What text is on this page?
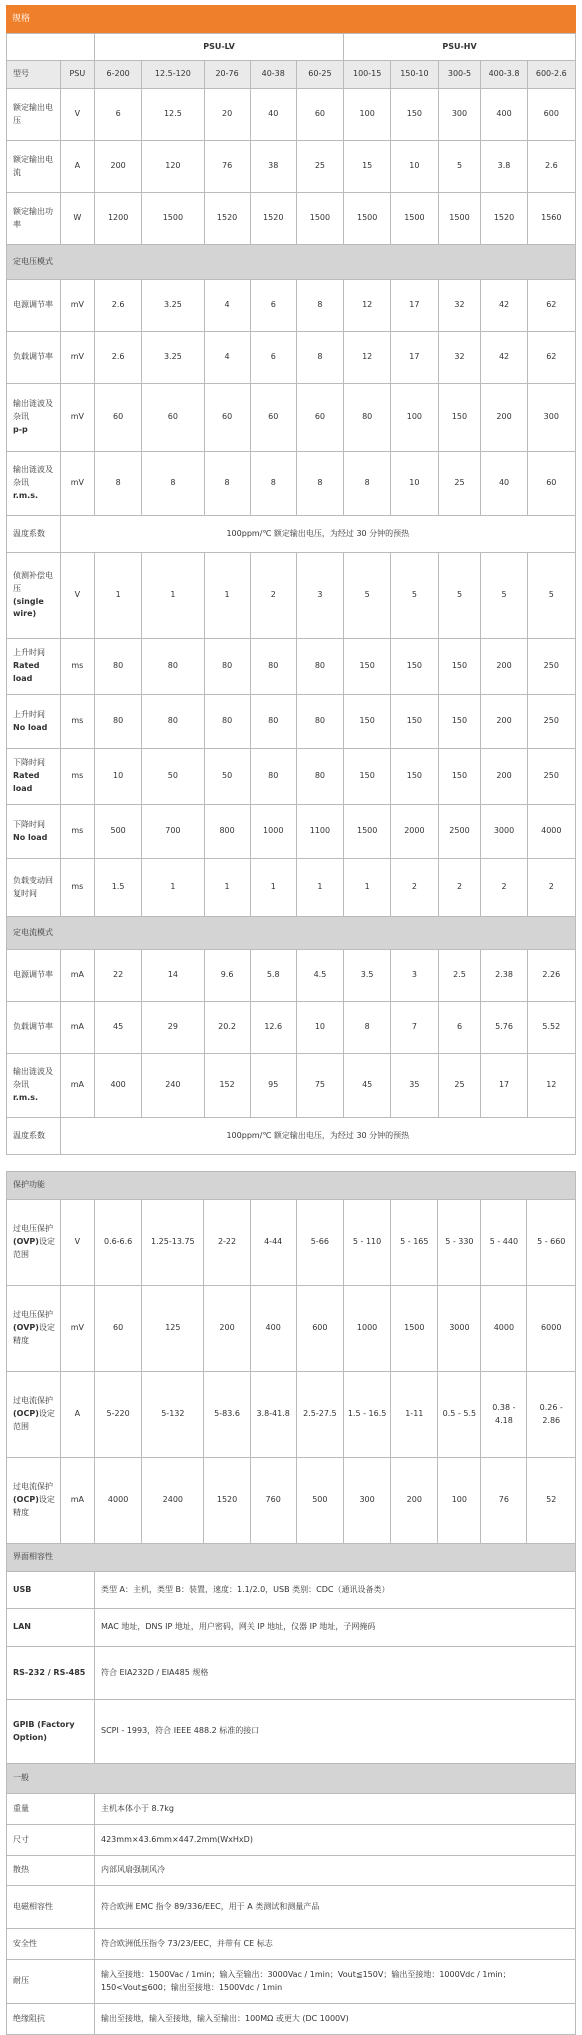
规格
		PSU-LV					PSU-HV				
型号	PSU	6-200	12.5-120	20-76	40-38	60-25	100-15	150-10	300-5	400-3.8	600-2.6
额定输出电压	V	6	12.5	20	40	60	100	150	300	400	600
额定输出电流	A	200	120	76	38	25	15	10	5	3.8	2.6
额定输出功率	W	1200	1500	1520	1520	1500	1500	1500	1500	1520	1560
定电压模式											
电源调节率	mV	2.6	3.25	4	6	8	12	17	32	42	62
负载调节率	mV	2.6	3.25	4	6	8	12	17	32	42	62
输出涟波及杂讯
p-p	mV	60	60	60	60	60	80	100	150	200	300
输出涟波及杂讯
r.m.s.	mV	8	8	8	8	8	8	10	25	40	60
温度系数	100ppm/℃ 额定输出电压，为经过 30 分钟的预热										
侦测补偿电压
(single wire)	V	1	1	1	2	3	5	5	5	5	5
上升时间
Rated load	ms	80	80	80	80	80	150	150	150	200	250
上升时间
No load	ms	80	80	80	80	80	150	150	150	200	250
下降时间
Rated load	ms	10	50	50	80	80	150	150	150	200	250
下降时间
No load	ms	500	700	800	1000	1100	1500	2000	2500	3000	4000
负载变动回复时间	ms	1.5	1	1	1	1	1	2	2	2	2
定电流模式											
电源调节率	mA	22	14	9.6	5.8	4.5	3.5	3	2.5	2.38	2.26
负载调节率	mA	45	29	20.2	12.6	10	8	7	6	5.76	5.52
输出涟波及杂讯
r.m.s.	mA	400	240	152	95	75	45	35	25	17	12
温度系数	100ppm/℃ 额定输出电压，为经过 30 分钟的预热										
保护功能											
过电压保护
(OVP)设定范围	V	0.6-6.6	1.25-13.75	2-22	4-44	5-66	5 - 110	5 - 165	5 - 330	5 - 440	5 - 660
过电压保护
(OVP)设定精度	mV	60	125	200	400	600	1000	1500	3000	4000	6000
过电流保护
(OCP)设定范围	A	5-220	5-132	5-83.6	3.8-41.8	2.5-27.5	1.5 - 16.5	1-11	0.5 - 5.5	0.38 - 4.18	0.26 - 2.86
过电流保护
(OCP)设定精度	mA	4000	2400	1520	760	500	300	200	100	76	52
界面相容性											
USB		类型 A：主机，类型 B：装置，速度：1.1/2.0，USB 类别：CDC（通讯设备类）									
LAN		MAC 地址，DNS IP 地址，用户密码，网关 IP 地址，仪器 IP 地址，子网掩码									
RS-232 / RS-485		符合 EIA232D / EIA485 规格									
GPIB (Factory Option)		SCPI - 1993，符合 IEEE 488.2 标准的接口									
一般											
重量		主机本体小于 8.7kg									
尺寸		423mm×43.6mm×447.2mm(WxHxD)									
散热		内部风扇强制风冷									
电磁相容性		符合欧洲 EMC 指令 89/336/EEC，用于 A 类测试和测量产品									
安全性		符合欧洲低压指令 73/23/EEC，并带有 CE 标志									
耐压		输入至接地：1500Vac / 1min；输入至输出：3000Vac / 1min；Vout≦150V；输出至接地：1000Vdc / 1min；150<Vout≦600；输出至接地：1500Vdc / 1min									
绝缘阻抗		输出至接地，输入至接地，输入至输出：100MΩ 或更大 (DC 1000V)									
